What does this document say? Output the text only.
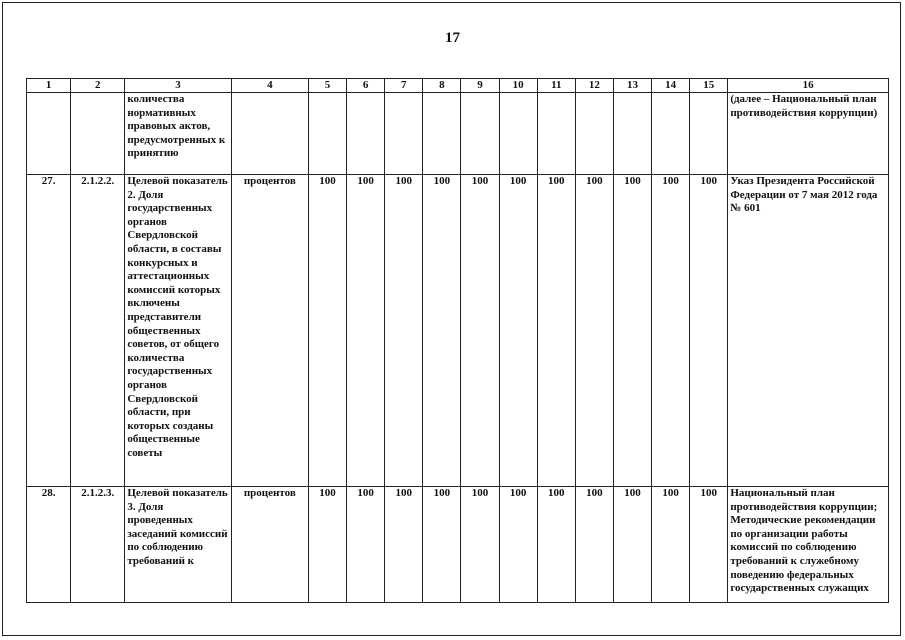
17
1	2	3	4	5	6	7	8	9	10	11	12	13	14	15	16
		количества нормативных правовых актов, предусмотренных к принятию													(далее – Национальный план противодействия коррупции)
27.	2.1.2.2.	Целевой показатель 2. Доля государственных органов Свердловской области, в составы конкурсных и аттестационных комиссий которых включены представители общественных советов, от общего количества государственных органов Свердловской области, при которых созданы общественные советы	процентов	100	100	100	100	100	100	100	100	100	100	100	Указ Президента Российской Федерации от 7 мая 2012 года № 601
28.	2.1.2.3.	Целевой показатель 3. Доля проведенных заседаний комиссий по соблюдению требований к	процентов	100	100	100	100	100	100	100	100	100	100	100	Национальный план противодействия коррупции; Методические рекомендации по организации работы комиссий по соблюдению требований к служебному поведению федеральных государственных служащих
